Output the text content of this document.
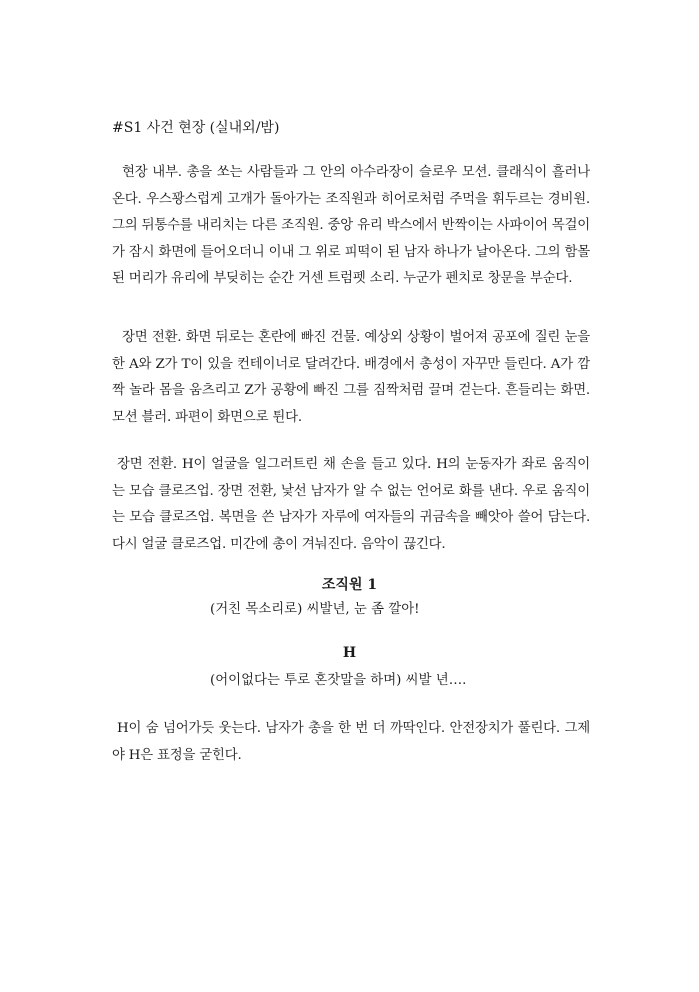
#S1 사건 현장 (실내외/밤)
현장 내부. 총을 쏘는 사람들과 그 안의 아수라장이 슬로우 모션. 클래식이 흘러나온다. 우스꽝스럽게 고개가 돌아가는 조직원과 히어로처럼 주먹을 휘두르는 경비원. 그의 뒤통수를 내리치는 다른 조직원. 중앙 유리 박스에서 반짝이는 사파이어 목걸이가 잠시 화면에 들어오더니 이내 그 위로 피떡이 된 남자 하나가 날아온다. 그의 함몰된 머리가 유리에 부딪히는 순간 거센 트럼펫 소리. 누군가 펜치로 창문을 부순다.
장면 전환. 화면 뒤로는 혼란에 빠진 건물. 예상외 상황이 벌어져 공포에 질린 눈을 한 A와 Z가 T이 있을 컨테이너로 달려간다. 배경에서 총성이 자꾸만 들린다. A가 깜짝 놀라 몸을 움츠리고 Z가 공황에 빠진 그를 짐짝처럼 끌며 걷는다. 흔들리는 화면. 모션 블러. 파편이 화면으로 튄다.
장면 전환. H이 얼굴을 일그러트린 채 손을 들고 있다. H의 눈동자가 좌로 움직이는 모습 클로즈업. 장면 전환, 낯선 남자가 알 수 없는 언어로 화를 낸다. 우로 움직이는 모습 클로즈업. 복면을 쓴 남자가 자루에 여자들의 귀금속을 빼앗아 쓸어 담는다. 다시 얼굴 클로즈업. 미간에 총이 겨눠진다. 음악이 끊긴다.
조직원 1
(거친 목소리로) 씨발년, 눈 좀 깔아!
H
(어이없다는 투로 혼잣말을 하며) 씨발 년….
H이 숨 넘어가듯 웃는다. 남자가 총을 한 번 더 까딱인다. 안전장치가 풀린다. 그제야 H은 표정을 굳힌다.
